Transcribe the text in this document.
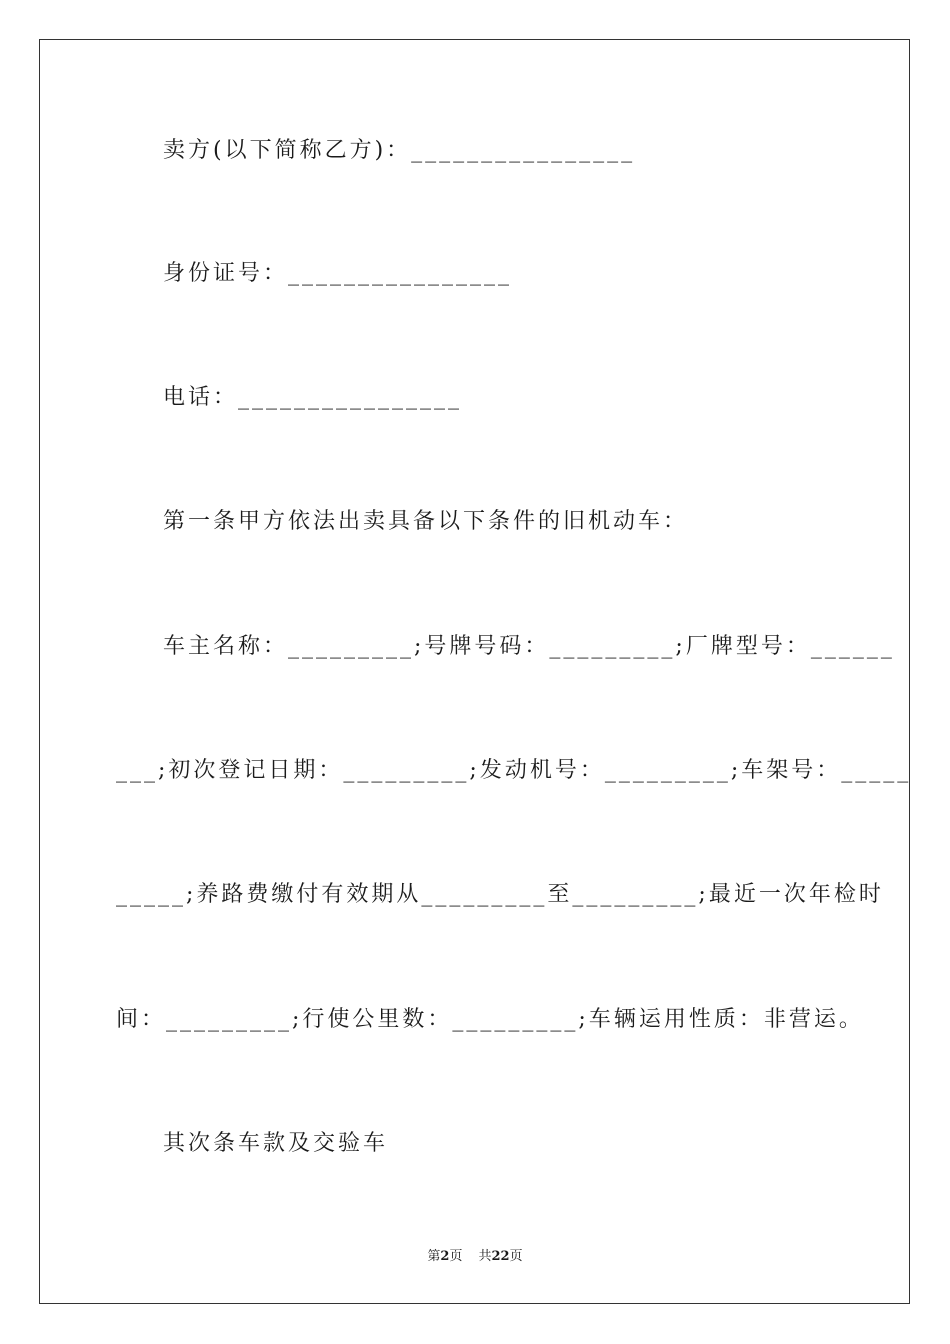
卖方(以下简称乙方)：________________
身份证号：________________
电话：________________
第一条甲方依法出卖具备以下条件的旧机动车：
车主名称：_________;号牌号码：_________;厂牌型号：______
___;初次登记日期：_________;发动机号：_________;车架号：_____
_____;养路费缴付有效期从_________至_________;最近一次年检时
间：_________;行使公里数：_________;车辆运用性质：非营运。
其次条车款及交验车
第2页 共22页
